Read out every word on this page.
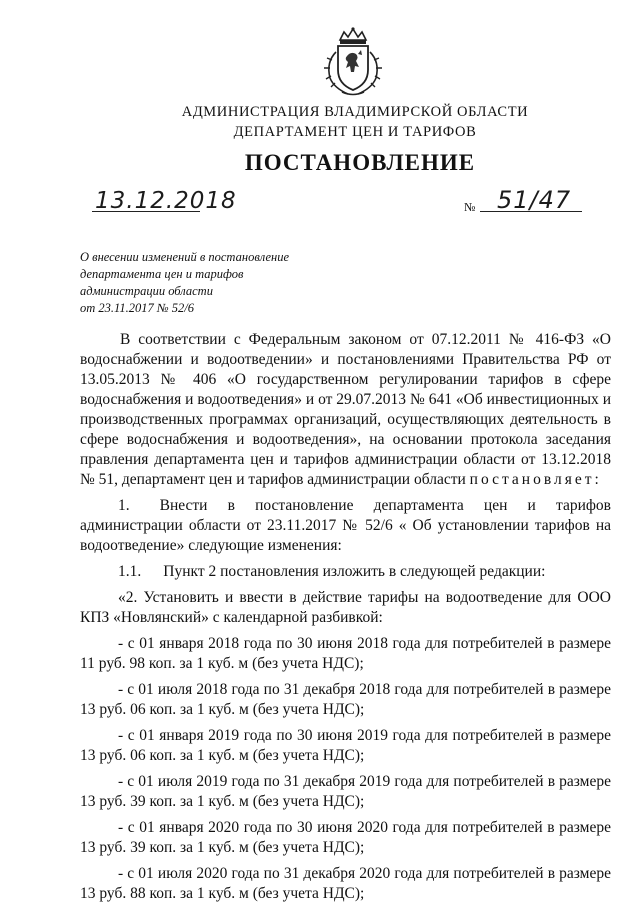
АДМИНИСТРАЦИЯ ВЛАДИМИРСКОЙ ОБЛАСТИ
ДЕПАРТАМЕНТ ЦЕН И ТАРИФОВ
ПОСТАНОВЛЕНИЕ
13.12.2018	№ 51/47
О внесении изменений в постановление
департамента цен и тарифов
администрации области
от 23.11.2017 № 52/6
В соответствии с Федеральным законом от 07.12.2011 № 416-ФЗ «О водоснабжении и водоотведении» и постановлениями Правительства РФ от 13.05.2013 № 406 «О государственном регулировании тарифов в сфере водоснабжения и водоотведения» и от 29.07.2013 № 641 «Об инвестиционных и производственных программах организаций, осуществляющих деятельность в сфере водоснабжения и водоотведения», на основании протокола заседания правления департамента цен и тарифов администрации области от 13.12.2018 № 51, департамент цен и тарифов администрации области постановляет:
1. Внести в постановление департамента цен и тарифов администрации области от 23.11.2017 № 52/6 « Об установлении тарифов на водоотведение» следующие изменения:
1.1. Пункт 2 постановления изложить в следующей редакции:
«2. Установить и ввести в действие тарифы на водоотведение для ООО КПЗ «Новлянский» с календарной разбивкой:
- с 01 января 2018 года по 30 июня 2018 года для потребителей в размере 11 руб. 98 коп. за 1 куб. м (без учета НДС);
- с 01 июля 2018 года по 31 декабря 2018 года для потребителей в размере 13 руб. 06 коп. за 1 куб. м (без учета НДС);
- с 01 января 2019 года по 30 июня 2019 года для потребителей в размере 13 руб. 06 коп. за 1 куб. м (без учета НДС);
- с 01 июля 2019 года по 31 декабря 2019 года для потребителей в размере 13 руб. 39 коп. за 1 куб. м (без учета НДС);
- с 01 января 2020 года по 30 июня 2020 года для потребителей в размере 13 руб. 39 коп. за 1 куб. м (без учета НДС);
- с 01 июля 2020 года по 31 декабря 2020 года для потребителей в размере 13 руб. 88 коп. за 1 куб. м (без учета НДС);
